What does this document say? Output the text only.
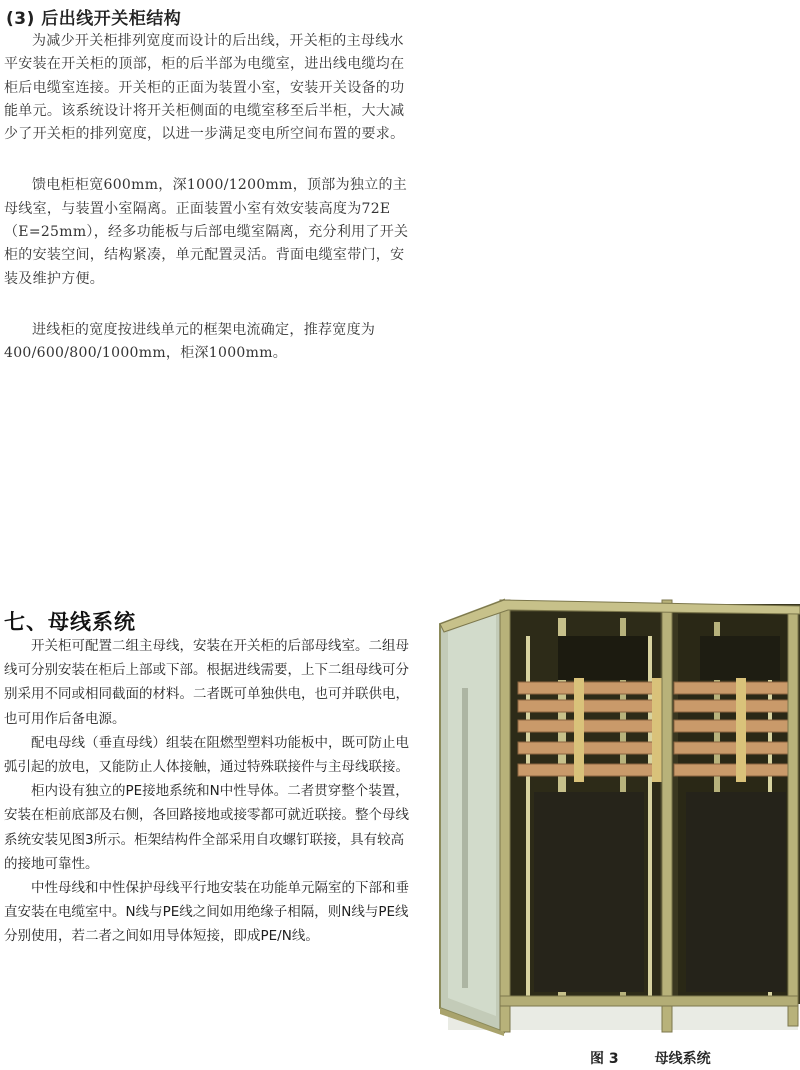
(3) 后出线开关柜结构

为减少开关柜排列宽度而设计的后出线，开关柜的主母线水平安装在开关柜的顶部，柜的后半部为电缆室，进出线电缆均在柜后电缆室连接。开关柜的正面为装置小室，安装开关设备的功能单元。该系统设计将开关柜侧面的电缆室移至后半柜，大大减少了开关柜的排列宽度，以进一步满足变电所空间布置的要求。

馈电柜柜宽600mm，深1000/1200mm，顶部为独立的主母线室，与装置小室隔离。正面装置小室有效安装高度为72E（E=25mm），经多功能板与后部电缆室隔离，充分利用了开关柜的安装空间，结构紧凑，单元配置灵活。背面电缆室带门，安装及维护方便。

进线柜的宽度按进线单元的框架电流确定，推荐宽度为400/600/800/1000mm，柜深1000mm。

七、母线系统

开关柜可配置二组主母线，安装在开关柜的后部母线室。二组母线可分别安装在柜后上部或下部。根据进线需要，上下二组母线可分别采用不同或相同截面的材料。二者既可单独供电，也可并联供电，也可用作后备电源。

配电母线（垂直母线）组装在阻燃型塑料功能板中，既可防止电弧引起的放电，又能防止人体接触，通过特殊联接件与主母线联接。

柜内设有独立的PE接地系统和N中性导体。二者贯穿整个装置，安装在柜前底部及右侧，各回路接地或接零都可就近联接。整个母线系统安装见图3所示。柜架结构件全部采用自攻螺钉联接，具有较高的接地可靠性。

中性母线和中性保护母线平行地安装在功能单元隔室的下部和垂直安装在电缆室中。N线与PE线之间如用绝缘子相隔，则N线与PE线分别使用，若二者之间如用导体短接，即成PE/N线。

图 3	母线系统
